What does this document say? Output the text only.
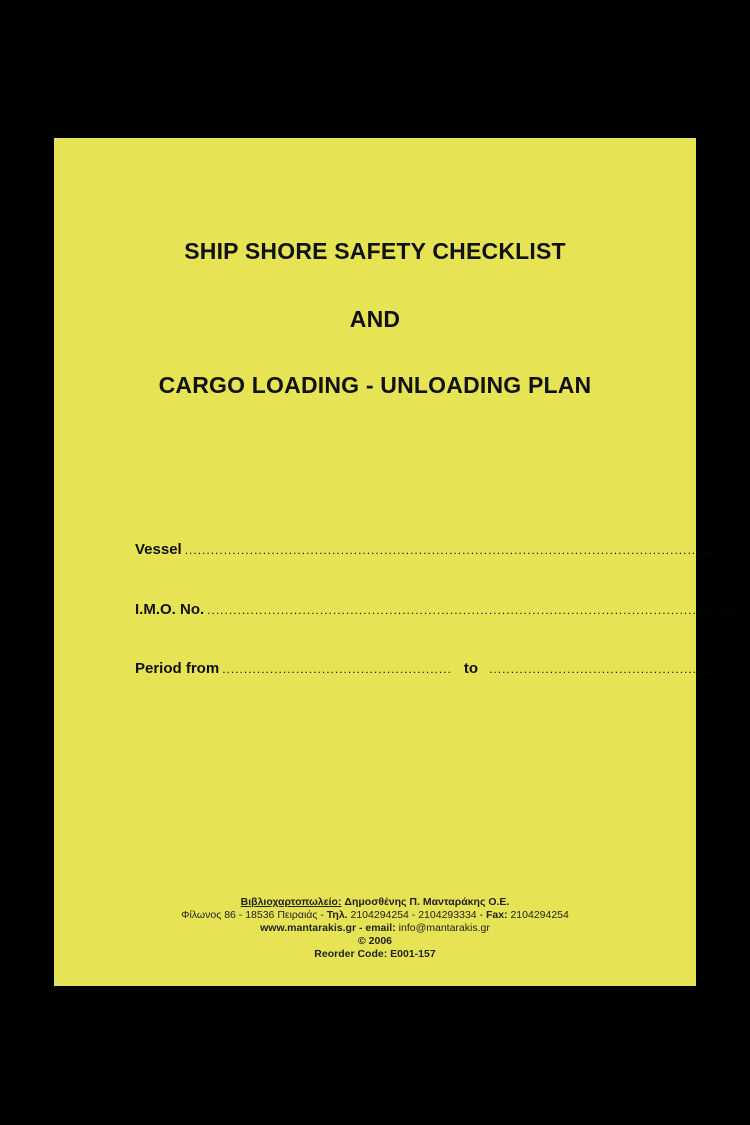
SHIP SHORE SAFETY CHECKLIST
AND
CARGO LOADING - UNLOADING PLAN
Vessel ..........................................................................................................................
I.M.O. No. ..........................................................................................................................
Period from ..................................................... to .....................................................
Βιβλιοχαρτοπωλείο: Δημοσθένης Π. Μανταράκης Ο.Ε.
Φίλωνος 86 - 18536 Πειραιάς - Τηλ. 2104294254 - 2104293334 - Fax: 2104294254
www.mantarakis.gr - email: info@mantarakis.gr
© 2006
Reorder Code: E001-157
